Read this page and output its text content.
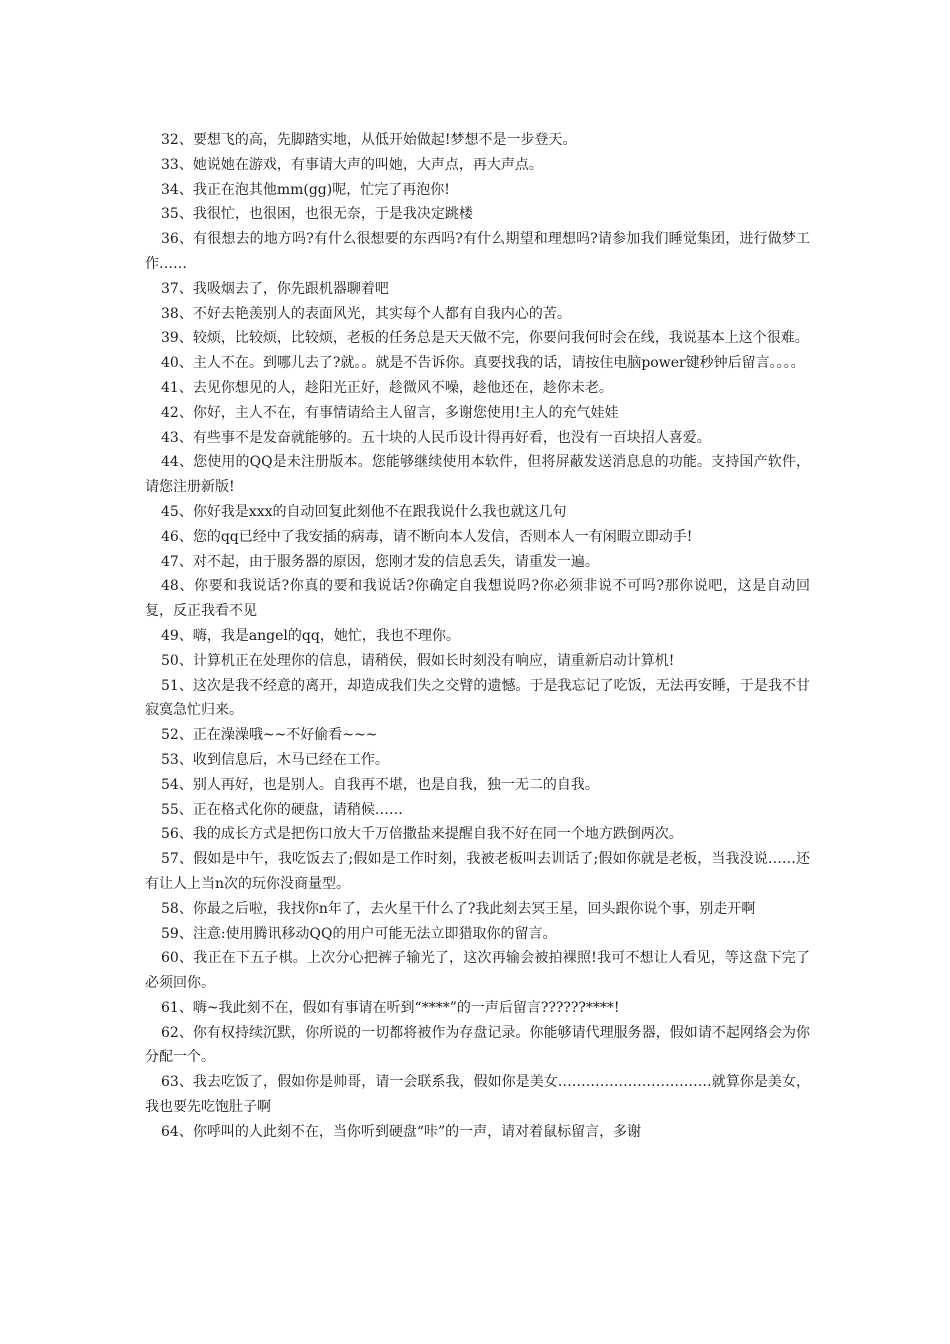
32、要想飞的高，先脚踏实地，从低开始做起!梦想不是一步登天。

33、她说她在游戏，有事请大声的叫她，大声点，再大声点。

34、我正在泡其他mm(gg)呢，忙完了再泡你!

35、我很忙，也很困，也很无奈，于是我决定跳楼

36、有很想去的地方吗?有什么很想要的东西吗?有什么期望和理想吗?请参加我们睡觉集团，进行做梦工作……

37、我吸烟去了，你先跟机器聊着吧

38、不好去艳羡别人的表面风光，其实每个人都有自我内心的苦。

39、较烦，比较烦，比较烦，老板的任务总是天天做不完，你要问我何时会在线，我说基本上这个很难。

40、主人不在。到哪儿去了?就。。就是不告诉你。真要找我的话，请按住电脑power键秒钟后留言。。。。

41、去见你想见的人，趁阳光正好，趁微风不噪，趁他还在，趁你未老。

42、你好，主人不在，有事情请给主人留言，多谢您使用!主人的充气娃娃

43、有些事不是发奋就能够的。五十块的人民币设计得再好看，也没有一百块招人喜爱。

44、您使用的QQ是未注册版本。您能够继续使用本软件，但将屏蔽发送消息息的功能。支持国产软件，请您注册新版!

45、你好我是xxx的自动回复此刻他不在跟我说什么我也就这几句

46、您的qq已经中了我安插的病毒，请不断向本人发信，否则本人一有闲暇立即动手!

47、对不起，由于服务器的原因，您刚才发的信息丢失，请重发一遍。

48、你要和我说话?你真的要和我说话?你确定自我想说吗?你必须非说不可吗?那你说吧，这是自动回复，反正我看不见

49、嗨，我是angel的qq，她忙，我也不理你。

50、计算机正在处理你的信息，请稍侯，假如长时刻没有响应，请重新启动计算机!

51、这次是我不经意的离开，却造成我们失之交臂的遗憾。于是我忘记了吃饭，无法再安睡，于是我不甘寂寞急忙归来。

52、正在澡澡哦~~不好偷看~~~

53、收到信息后，木马已经在工作。

54、别人再好，也是别人。自我再不堪，也是自我，独一无二的自我。

55、正在格式化你的硬盘，请稍候……

56、我的成长方式是把伤口放大千万倍撒盐来提醒自我不好在同一个地方跌倒两次。

57、假如是中午，我吃饭去了;假如是工作时刻，我被老板叫去训话了;假如你就是老板，当我没说……还有让人上当n次的玩你没商量型。

58、你最之后啦，我找你n年了，去火星干什么了?我此刻去冥王星，回头跟你说个事，别走开啊

59、注意:使用腾讯移动QQ的用户可能无法立即猎取你的留言。

60、我正在下五子棋。上次分心把裤子输光了，这次再输会被拍裸照!我可不想让人看见，等这盘下完了必须回你。

61、嗨~我此刻不在，假如有事请在听到“****”的一声后留言??????****!

62、你有权持续沉默，你所说的一切都将被作为存盘记录。你能够请代理服务器，假如请不起网络会为你分配一个。

63、我去吃饭了，假如你是帅哥，请一会联系我，假如你是美女……………………………就算你是美女，我也要先吃饱肚子啊

64、你呼叫的人此刻不在，当你听到硬盘“咔”的一声，请对着鼠标留言，多谢
